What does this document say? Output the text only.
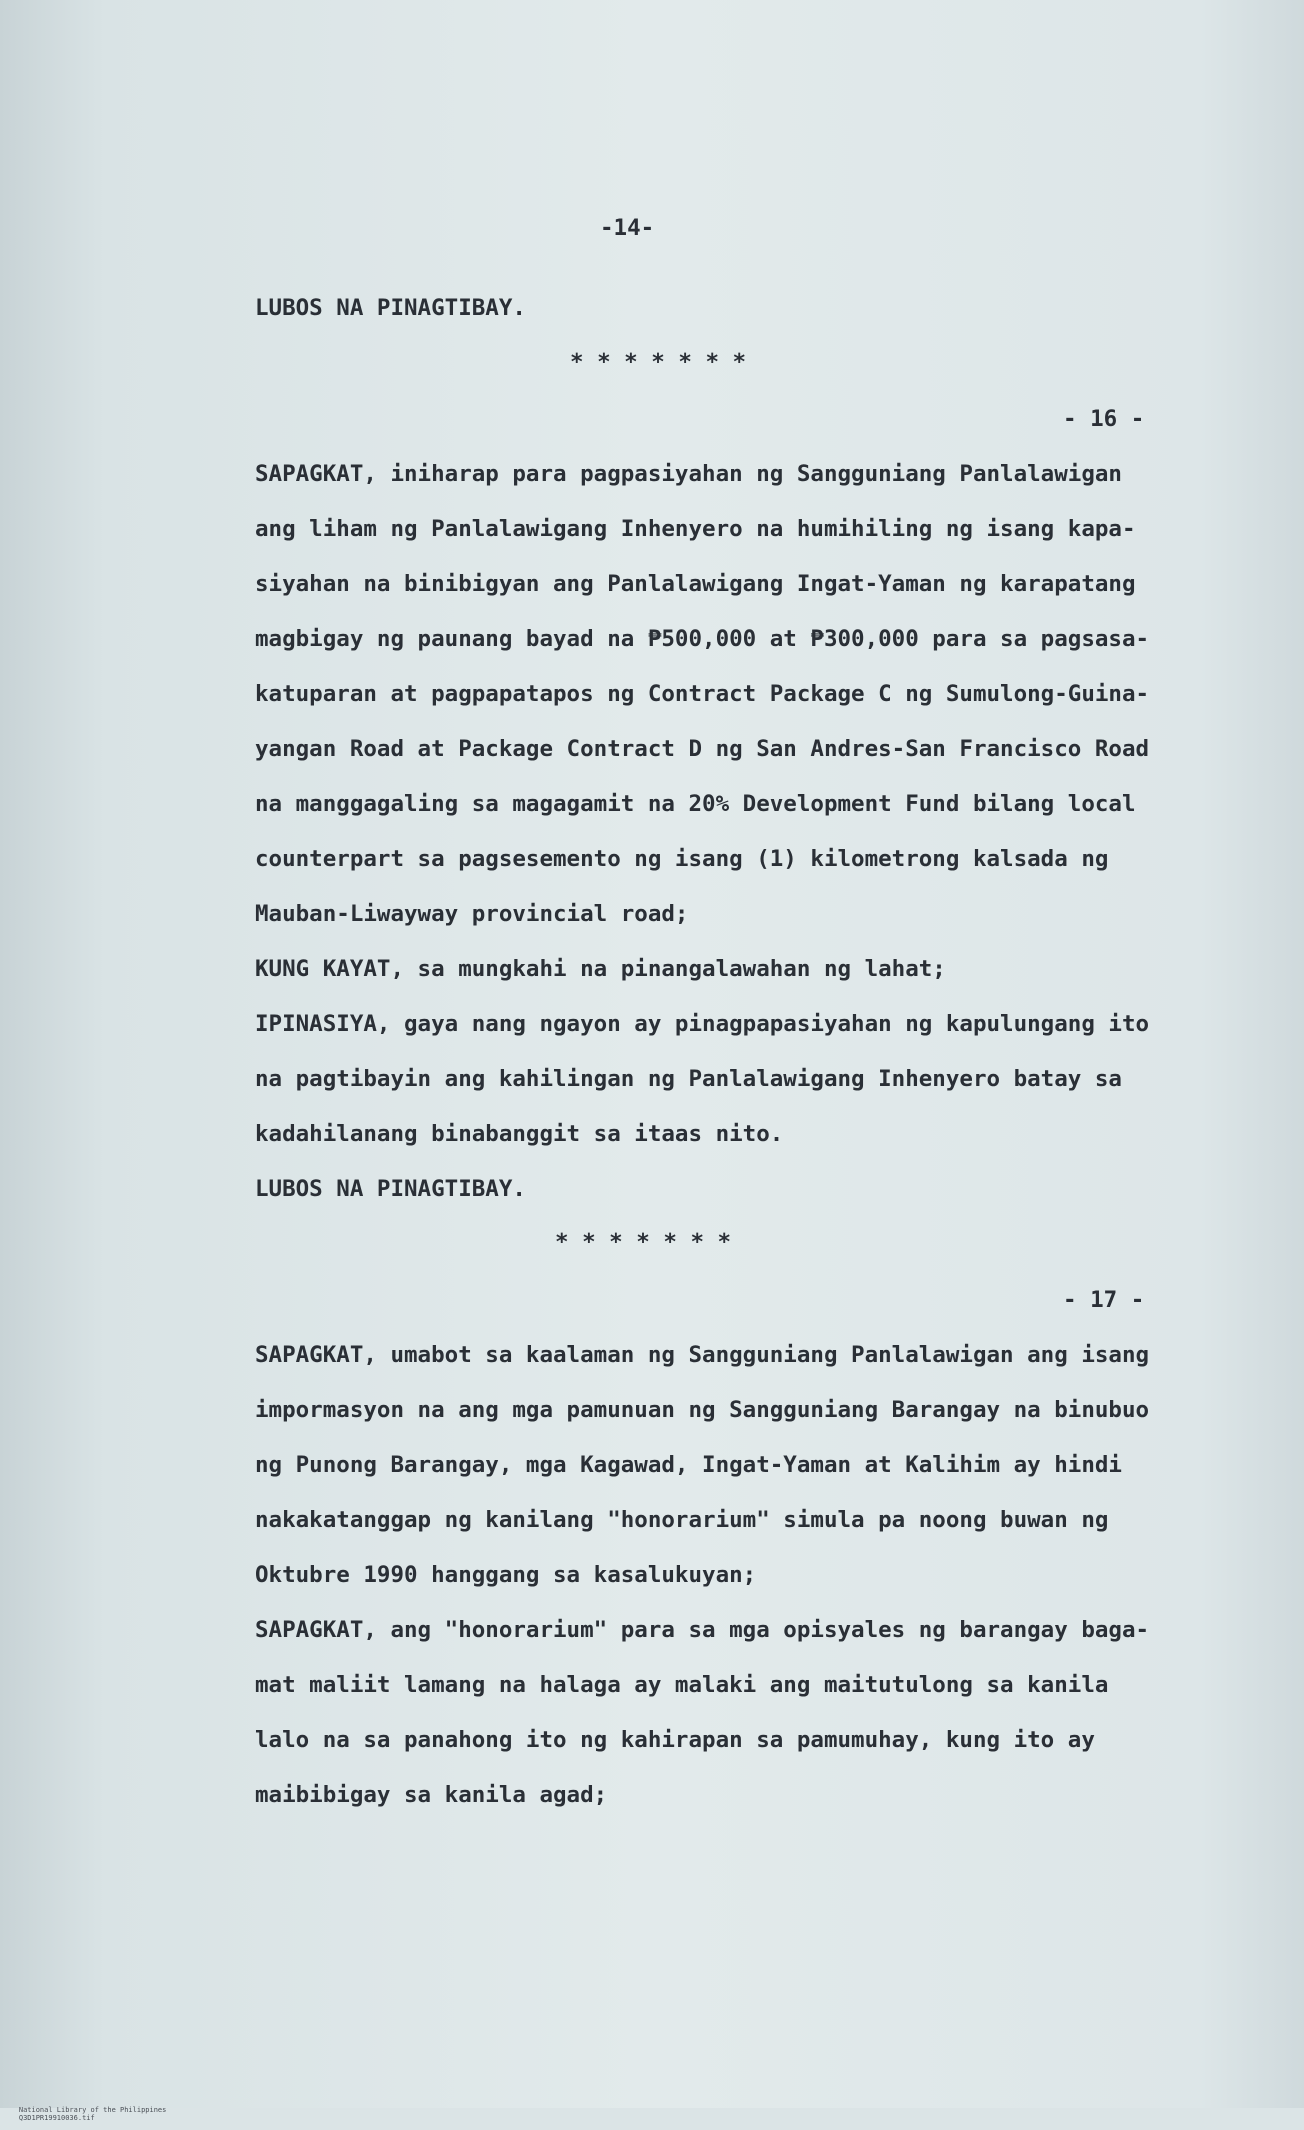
-14-
LUBOS NA PINAGTIBAY.
* * * * * * *
- 16 -
SAPAGKAT, iniharap para pagpasiyahan ng Sangguniang Panlalawigan
ang liham ng Panlalawigang Inhenyero na humihiling ng isang kapa-
siyahan na binibigyan ang Panlalawigang Ingat-Yaman ng karapatang
magbigay ng paunang bayad na ₱500,000 at ₱300,000 para sa pagsasa-
katuparan at pagpapatapos ng Contract Package C ng Sumulong-Guina-
yangan Road at Package Contract D ng San Andres-San Francisco Road
na manggagaling sa magagamit na 20% Development Fund bilang local
counterpart sa pagsesemento ng isang (1) kilometrong kalsada ng
Mauban-Liwayway provincial road;
KUNG KAYAT, sa mungkahi na pinangalawahan ng lahat;
IPINASIYA, gaya nang ngayon ay pinagpapasiyahan ng kapulungang ito
na pagtibayin ang kahilingan ng Panlalawigang Inhenyero batay sa
kadahilanang binabanggit sa itaas nito.
LUBOS NA PINAGTIBAY.
* * * * * * *
- 17 -
SAPAGKAT, umabot sa kaalaman ng Sangguniang Panlalawigan ang isang
impormasyon na ang mga pamunuan ng Sangguniang Barangay na binubuo
ng Punong Barangay, mga Kagawad, Ingat-Yaman at Kalihim ay hindi
nakakatanggap ng kanilang "honorarium" simula pa noong buwan ng
Oktubre 1990 hanggang sa kasalukuyan;
SAPAGKAT, ang "honorarium" para sa mga opisyales ng barangay baga-
mat maliit lamang na halaga ay malaki ang maitutulong sa kanila
lalo na sa panahong ito ng kahirapan sa pamumuhay, kung ito ay
maibibigay sa kanila agad;

National Library of the Philippines
Q3D1PR19910036.tif
